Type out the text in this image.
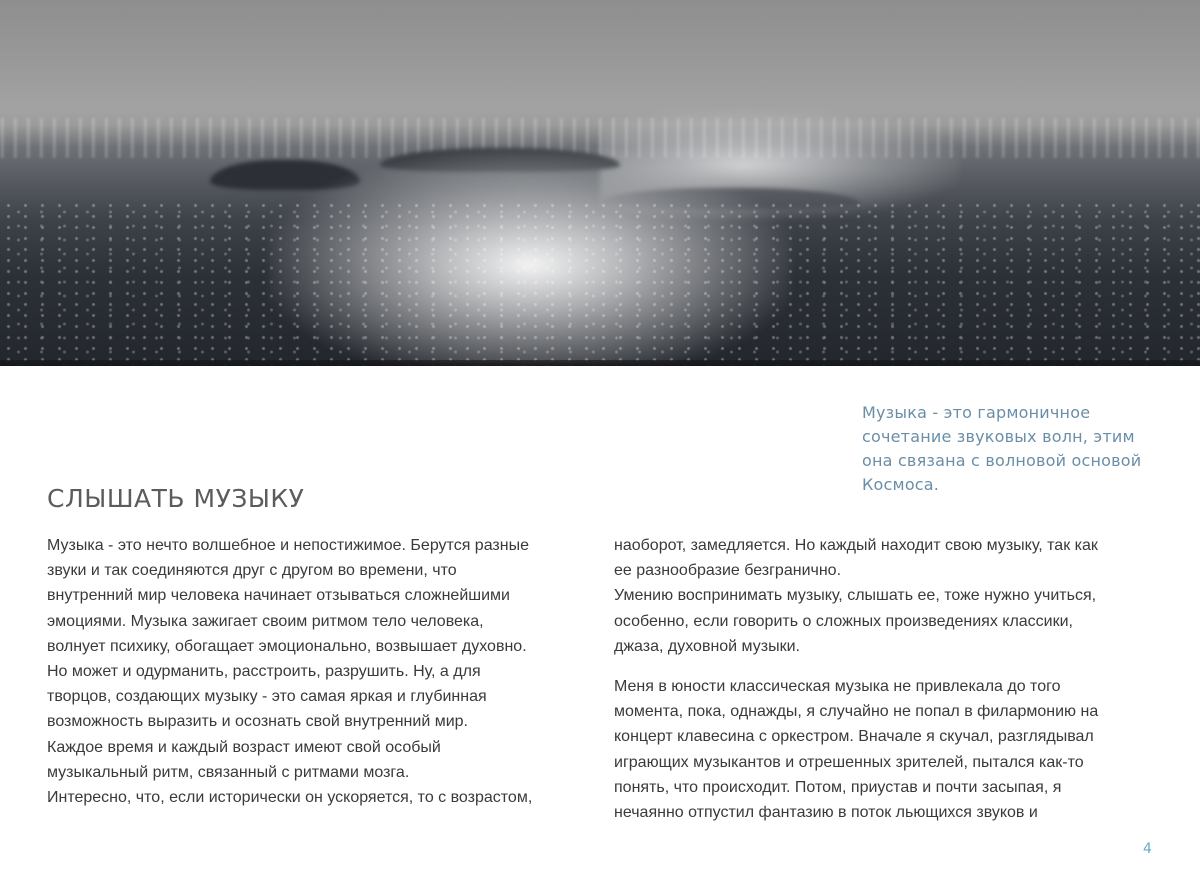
Музыка - это гармоничное
сочетание звуковых волн, этим
она связана с волновой основой
Космоса.
СЛЫШАТЬ МУЗЫКУ
Музыка - это нечто волшебное и непостижимое. Берутся разные
звуки и так соединяются друг с другом во времени, что
внутренний мир человека начинает отзываться сложнейшими
эмоциями. Музыка зажигает своим ритмом тело человека,
волнует психику, обогащает эмоционально, возвышает духовно.
Но может и одурманить, расстроить, разрушить. Ну, а для
творцов, создающих музыку - это самая яркая и глубинная
возможность выразить и осознать свой внутренний мир.
Каждое время и каждый возраст имеют свой особый
музыкальный ритм, связанный с ритмами мозга.
Интересно, что, если исторически он ускоряется, то с возрастом,
наоборот, замедляется. Но каждый находит свою музыку, так как
ее разнообразие безгранично.
Умению воспринимать музыку, слышать ее, тоже нужно учиться,
особенно, если говорить о сложных произведениях классики,
джаза, духовной музыки.
Меня в юности классическая музыка не привлекала до того
момента, пока, однажды, я случайно не попал в филармонию на
концерт клавесина с оркестром. Вначале я скучал, разглядывал
играющих музыкантов и отрешенных зрителей, пытался как-то
понять, что происходит. Потом, приустав и почти засыпая, я
нечаянно отпустил фантазию в поток льющихся звуков и
4
